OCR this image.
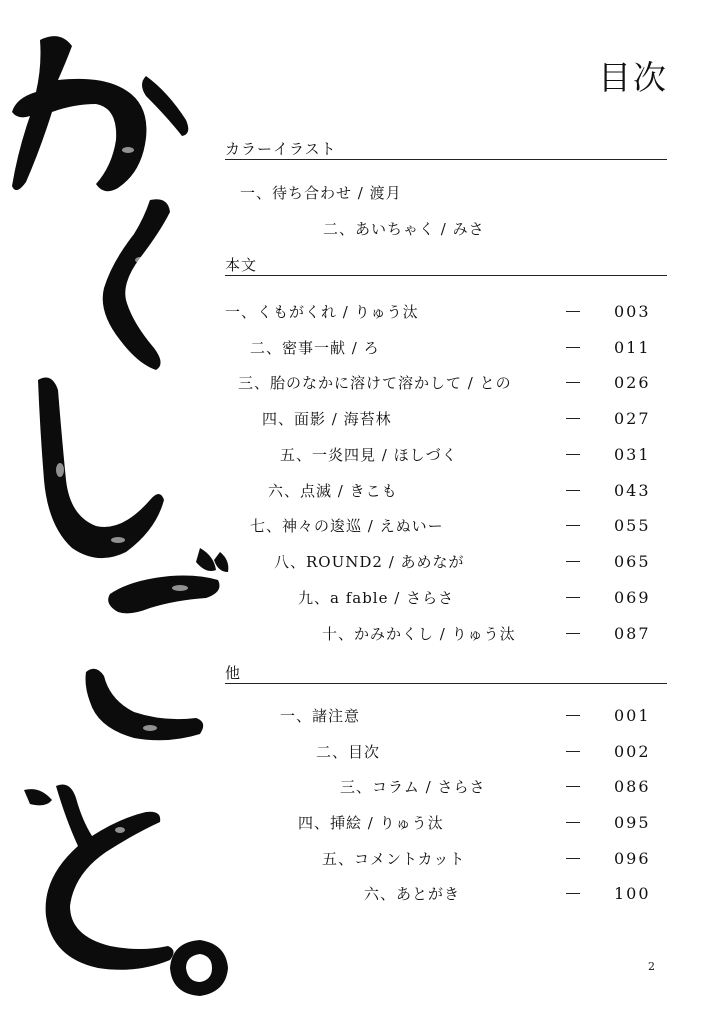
目次
カラーイラスト
一、待ち合わせ / 渡月
二、あいちゃく / みさ
本文
一、くもがくれ / りゅう汰	003
二、密事一献 / ろ	011
三、胎のなかに溶けて溶かして / との	026
四、面影 / 海苔林	027
五、一炎四見 / ほしづく	031
六、点滅 / きこも	043
七、神々の逡巡 / えぬいー	055
八、ROUND2 / あめなが	065
九、a fable / さらさ	069
十、かみかくし / りゅう汰	087
他
一、諸注意	001
二、目次	002
三、コラム / さらさ	086
四、挿絵 / りゅう汰	095
五、コメントカット	096
六、あとがき	100
2
